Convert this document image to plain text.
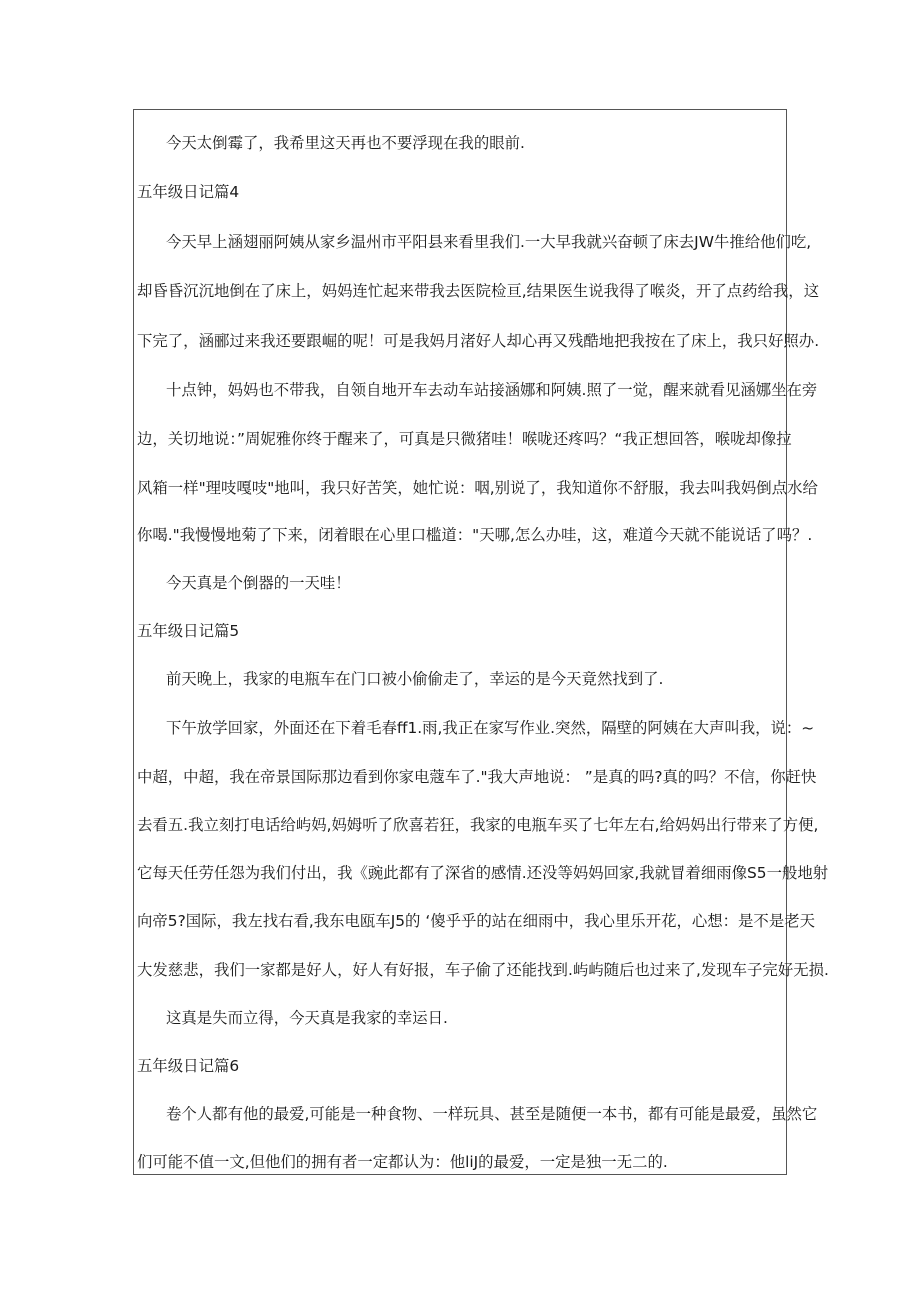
今天太倒霉了，我希里这天再也不要浮现在我的眼前.
五年级日记篇4
今天早上涵翅丽阿姨从家乡温州市平阳县来看里我们.一大早我就兴奋顿了床去JW牛推给他们吃,
却昏昏沉沉地倒在了床上，妈妈连忙起来带我去医院检亘,结果医生说我得了喉炎，开了点药给我，这
下完了，涵郦过来我还要跟崛的呢！可是我妈月渚好人却心再又残酷地把我按在了床上，我只好照办.
十点钟，妈妈也不带我，自领自地开车去动车站接涵娜和阿姨.照了一觉，醒来就看见涵娜坐在旁
边，关切地说：”周妮雅你终于醒来了，可真是只微猪哇！喉咙还疼吗？“我正想回答，喉咙却像拉
风箱一样"理吱嘎吱"地叫，我只好苦笑，她忙说：咽,别说了，我知道你不舒服，我去叫我妈倒点水给
你喝."我慢慢地菊了下来，闭着眼在心里口槛道："天哪,怎么办哇，这，难道今天就不能说话了吗？.
今天真是个倒器的一天哇！
五年级日记篇5
前天晚上，我家的电瓶车在门口被小偷偷走了，幸运的是今天竟然找到了.
下午放学回家，外面还在下着毛春ff1.雨,我正在家写作业.突然，隔壁的阿姨在大声叫我，说：~
中超，中超，我在帝景国际那边看到你家电蔻车了."我大声地说： ”是真的吗?真的吗？不信，你赶快
去看五.我立刻打电话给屿妈,妈姆听了欣喜若狂，我家的电瓶车买了七年左右,给妈妈出行带来了方便,
它每天任劳任怨为我们付出，我《豌此都有了深省的感情.还没等妈妈回家,我就冒着细雨像S5一般地射
向帝5?国际，我左找右看,我东电瓯车J5的 ‘傻乎乎的站在细雨中，我心里乐开花，心想：是不是老天
大发慈悲，我们一家都是好人，好人有好报，车子偷了还能找到.屿屿随后也过来了,发现车子完好无损.
这真是失而立得，今天真是我家的幸运日.
五年级日记篇6
卷个人都有他的最爱,可能是一种食物、一样玩具、甚至是随便一本书，都有可能是最爱，虽然它
们可能不值一文,但他们的拥有者一定都认为：他liJ的最爱，一定是独一无二的.
